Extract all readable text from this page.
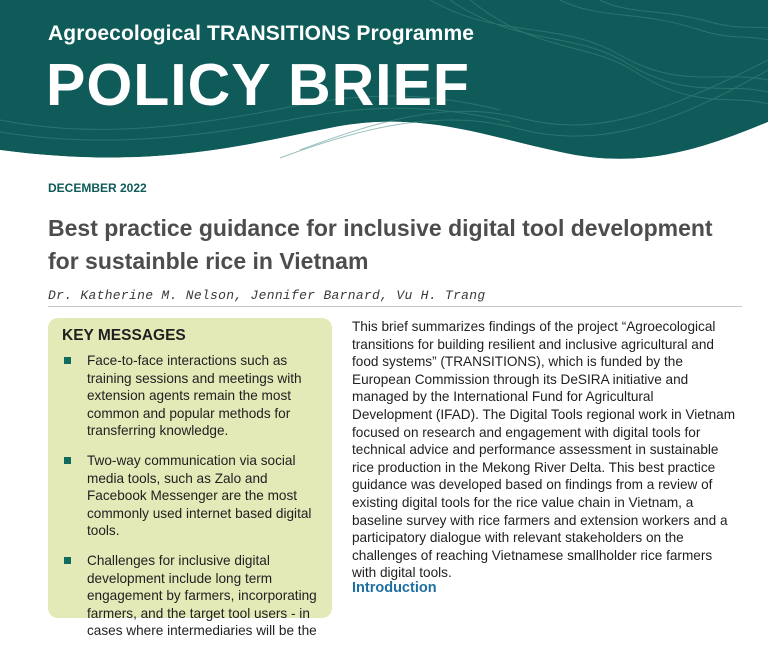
Agroecological TRANSITIONS Programme
POLICY BRIEF
DECEMBER 2022
Best practice guidance for inclusive digital tool development for sustainble rice in Vietnam
Dr. Katherine M. Nelson, Jennifer Barnard, Vu H. Trang
KEY MESSAGES
Face-to-face interactions such as training sessions and meetings with extension agents remain the most common and popular methods for transferring knowledge.
Two-way communication via social media tools, such as Zalo and Facebook Messenger are the most commonly used internet based digital tools.
Challenges for inclusive digital development include long term engagement by farmers, incorporating farmers, and the target tool users - in cases where intermediaries will be the

This brief summarizes findings of the project “Agroecological transitions for building resilient and inclusive agricultural and food systems” (TRANSITIONS), which is funded by the European Commission through its DeSIRA initiative and managed by the International Fund for Agricultural Development (IFAD). The Digital Tools regional work in Vietnam focused on research and engagement with digital tools for technical advice and performance assessment in sustainable rice production in the Mekong River Delta. This best practice guidance was developed based on findings from a review of existing digital tools for the rice value chain in Vietnam, a baseline survey with rice farmers and extension workers and a participatory dialogue with relevant stakeholders on the challenges of reaching Vietnamese smallholder rice farmers with digital tools.

Introduction
